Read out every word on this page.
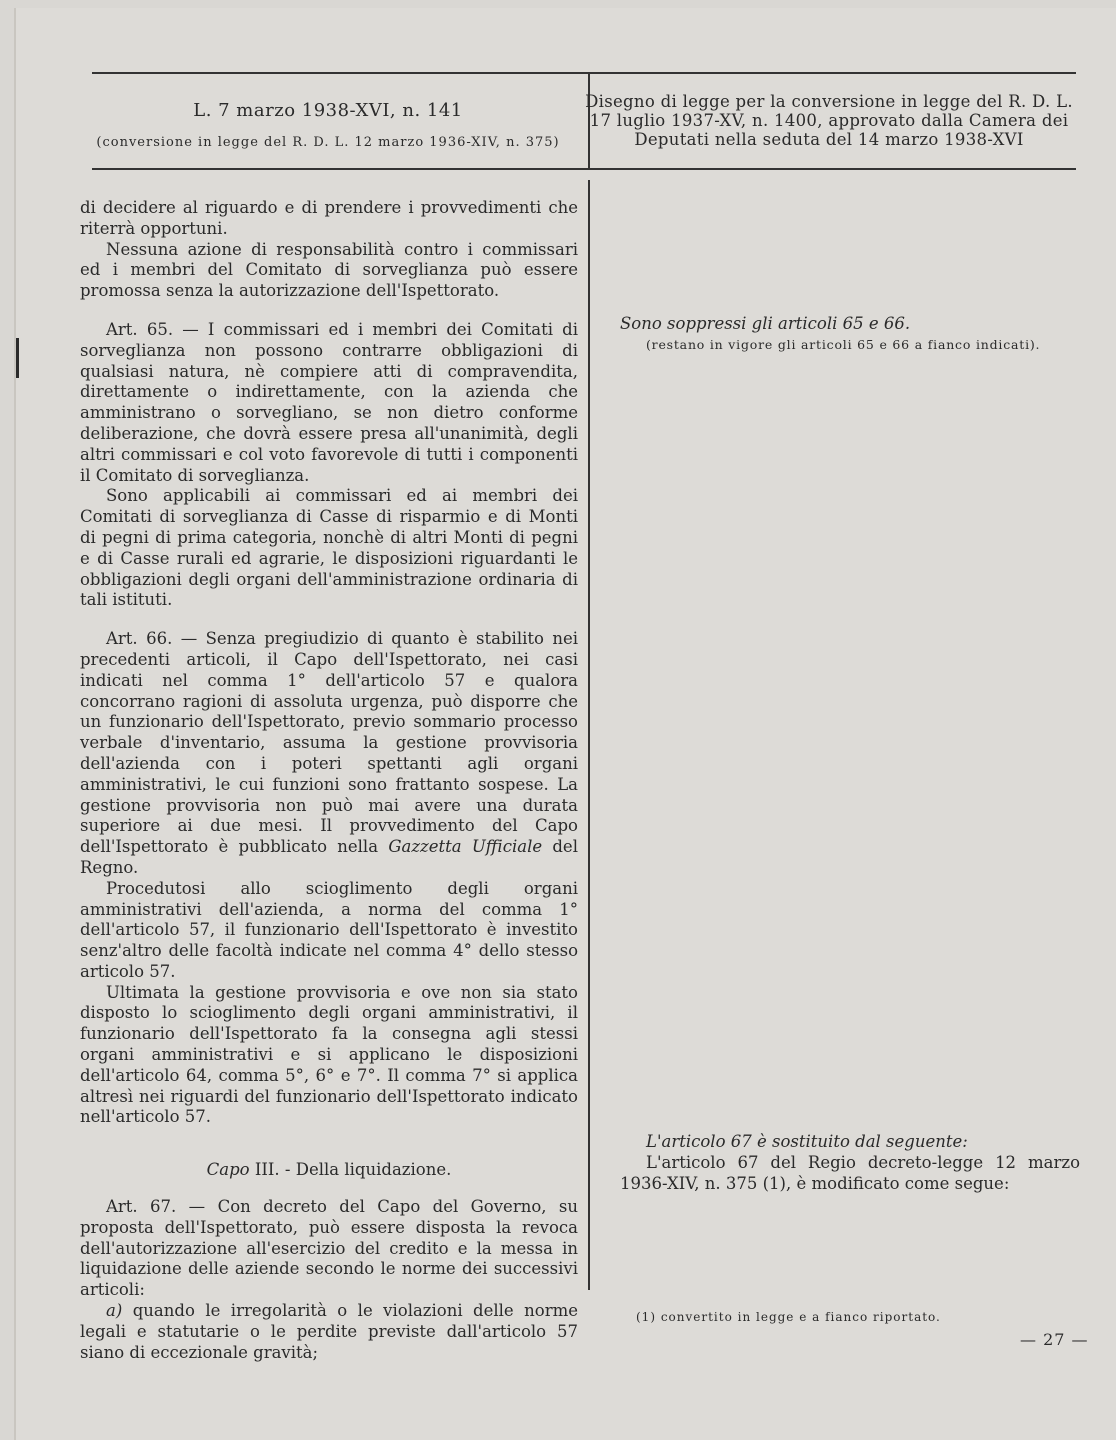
L. 7 marzo 1938-XVI, n. 141
(conversione in legge del R. D. L. 12 marzo 1936-XIV, n. 375)
Disegno di legge per la conversione in legge del R. D. L.
17 luglio 1937-XV, n. 1400, approvato dalla Camera dei
Deputati nella seduta del 14 marzo 1938-XVI

di decidere al riguardo e di prendere i provvedimenti che riterrà opportuni.

Nessuna azione di responsabilità contro i commissari ed i membri del Comitato di sorveglianza può essere promossa senza la autorizzazione dell'Ispettorato.

Art. 65. — I commissari ed i membri dei Comitati di sorveglianza non possono contrarre obbligazioni di qualsiasi natura, nè compiere atti di compravendita, direttamente o indirettamente, con la azienda che amministrano o sorvegliano, se non dietro conforme deliberazione, che dovrà essere presa all'unanimità, degli altri commissari e col voto favorevole di tutti i componenti il Comitato di sorveglianza.

Sono applicabili ai commissari ed ai membri dei Comitati di sorveglianza di Casse di risparmio e di Monti di pegni di prima categoria, nonchè di altri Monti di pegni e di Casse rurali ed agrarie, le disposizioni riguardanti le obbligazioni degli organi dell'amministrazione ordinaria di tali istituti.

Art. 66. — Senza pregiudizio di quanto è stabilito nei precedenti articoli, il Capo dell'Ispettorato, nei casi indicati nel comma 1° dell'articolo 57 e qualora concorrano ragioni di assoluta urgenza, può disporre che un funzionario dell'Ispettorato, previo sommario processo verbale d'inventario, assuma la gestione provvisoria dell'azienda con i poteri spettanti agli organi amministrativi, le cui funzioni sono frattanto sospese. La gestione provvisoria non può mai avere una durata superiore ai due mesi. Il provvedimento del Capo dell'Ispettorato è pubblicato nella Gazzetta Ufficiale del Regno.

Procedutosi allo scioglimento degli organi amministrativi dell'azienda, a norma del comma 1° dell'articolo 57, il funzionario dell'Ispettorato è investito senz'altro delle facoltà indicate nel comma 4° dello stesso articolo 57.

Ultimata la gestione provvisoria e ove non sia stato disposto lo scioglimento degli organi amministrativi, il funzionario dell'Ispettorato fa la consegna agli stessi organi amministrativi e si applicano le disposizioni dell'articolo 64, comma 5°, 6° e 7°. Il comma 7° si applica altresì nei riguardi del funzionario dell'Ispettorato indicato nell'articolo 57.

Capo III. - Della liquidazione.

Art. 67. — Con decreto del Capo del Governo, su proposta dell'Ispettorato, può essere disposta la revoca dell'autorizzazione all'esercizio del credito e la messa in liquidazione delle aziende secondo le norme dei successivi articoli:

a) quando le irregolarità o le violazioni delle norme legali e statutarie o le perdite previste dall'articolo 57 siano di eccezionale gravità;

Sono soppressi gli articoli 65 e 66.

(restano in vigore gli articoli 65 e 66 a fianco indicati).

L'articolo 67 è sostituito dal seguente:

L'articolo 67 del Regio decreto-legge 12 marzo 1936-XIV, n. 375 (1), è modificato come segue:

(1) convertito in legge e a fianco riportato.
— 27 —
